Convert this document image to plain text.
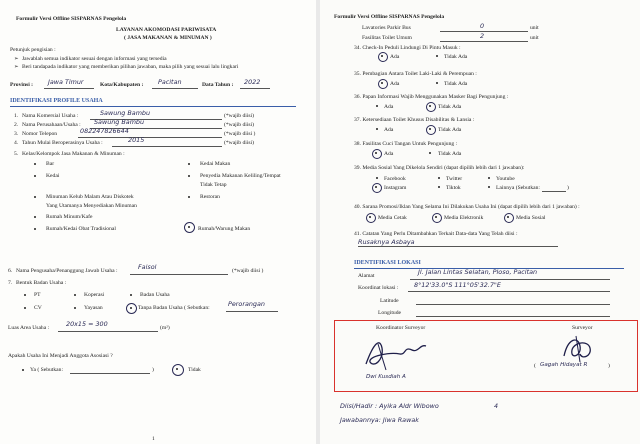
Formulir Versi Offline SISPARNAS Pengelola
LAYANAN AKOMODASI PARIWISATA
( JASA MAKANAN & MINUMAN )
Petunjuk pengisian :
➢ Jawablah semua indikator sesuai dengan informasi yang tersedia
➢ Beri tandapada indikator yang memberikan pilihan jawaban, maka pilih yang sesuai lalu lingkari
Provinsi : Jawa Timur	Kota/Kabupaten : Pacitan	Data Tahun : 2022
IDENTIFIKASI PROFILE USAHA
1. Nama Komersial Usaha :	Sawung Bambu	(*wajib diisi)
2. Nama Perusahaan/Usaha : Sawung Bambu	(*wajib diisi)
3. Nomor Telepon	082247826644	(*wajib diisi )
4. Tahun Mulai Beroperasinya Usaha :	2015	(*wajib diisi)
5. Kelas/Kelompok Jasa Makanan & Minuman :
Bar
Kedai
Minuman Kelub Malam Atau Diskotek
Yang Utamanya Menyediakan Minuman
Rumah Minum/Kafe
Rumah/Kedai Obat Tradisional
Kedai Makan
Penyedia Makanan Keliling/Tempat
Tidak Tetap
Restoran
Rumah/Warung Makan
6. Nama Pengusaha/Penanggung Jawab Usaha :	Faisol	(*wajib diisi )
7. Bentuk Badan Usaha :
PT	Koperasi	Badan Usaha
CV	Yayasan	Tanpa Badan Usaha ( Sebutkan:	Perorangan
Luas Area Usaha :	20x15 = 300	(m²)
Apakah Usaha Ini Menjadi Anggota Asosiasi ?
Ya ( Sebutkan:	)	Tidak
1
Formulir Versi Offline SISPARNAS Pengelola
Lavatories Parkir Bus	0	unit
Fasilitas Toilet Umum	2	unit
34. Check-In Peduli Lindungi Di Pintu Masuk :
Ada	Tidak Ada
35. Pembagian Antara Toilet Laki-Laki & Perempuan :
Ada	Tidak Ada
36. Papan Informasi Wajib Menggunakan Masker Bagi Pengunjung :
Ada	Tidak Ada
37. Ketersediaan Toilet Khusus Disabilitas & Lansia :
Ada	Tidak Ada
38. Fasilitas Cuci Tangan Untuk Pengunjung :
Ada	Tidak Ada
39. Media Sosial Yang Dikelola Sendiri (dapat dipilih lebih dari 1 jawaban):
Facebook	Twitter	Youtube
Instagram	Tiktok	Lainnya (Sebutkan:	)
40. Sarana Promosi/Iklan Yang Selama Ini Dilakukan Usaha Ini (dapat dipilih lebih dari 1 jawaban) :
Media Cetak	Media Elektronik	Media Sosial
41. Catatan Yang Perlu Ditambahkan Terkait Data-data Yang Telah diisi :
Rusaknya Asbaya
IDENTIFIKASI LOKASI
Alamat	Jl. Jalan Lintas Selatan, Ploso, Pacitan
Koordinat lokasi : 8°12'33.0"S 111°05'32.7"E
Latitude
Longitude
Koordinator Surveyor	Surveyor
Dwi Kusdiah A
( Gagah Hidayat R	)
Diisi/Hadir : Ayika Aldr Wibowo	4
Jawabannya: Jiwa Rawak
